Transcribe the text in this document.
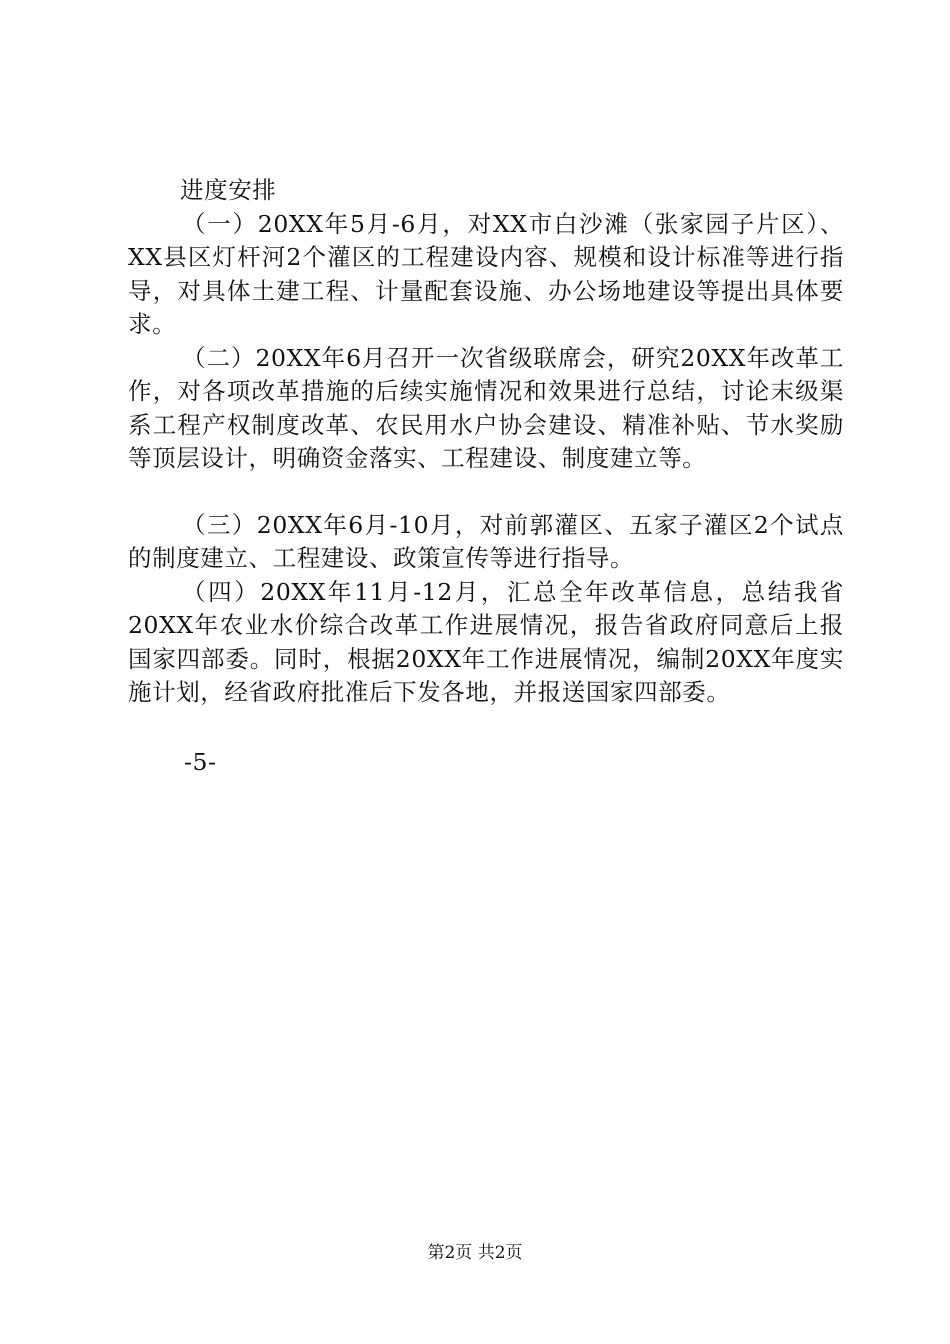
进度安排

（一）20XX年5月-6月，对XX市白沙滩（张家园子片区）、XX县区灯杆河2个灌区的工程建设内容、规模和设计标准等进行指导，对具体土建工程、计量配套设施、办公场地建设等提出具体要求。

（二）20XX年6月召开一次省级联席会，研究20XX年改革工作，对各项改革措施的后续实施情况和效果进行总结，讨论末级渠系工程产权制度改革、农民用水户协会建设、精准补贴、节水奖励等顶层设计，明确资金落实、工程建设、制度建立等。

（三）20XX年6月-10月，对前郭灌区、五家子灌区2个试点的制度建立、工程建设、政策宣传等进行指导。

（四）20XX年11月-12月，汇总全年改革信息，总结我省20XX年农业水价综合改革工作进展情况，报告省政府同意后上报国家四部委。同时，根据20XX年工作进展情况，编制20XX年度实施计划，经省政府批准后下发各地，并报送国家四部委。

-5-

第2页 共2页
